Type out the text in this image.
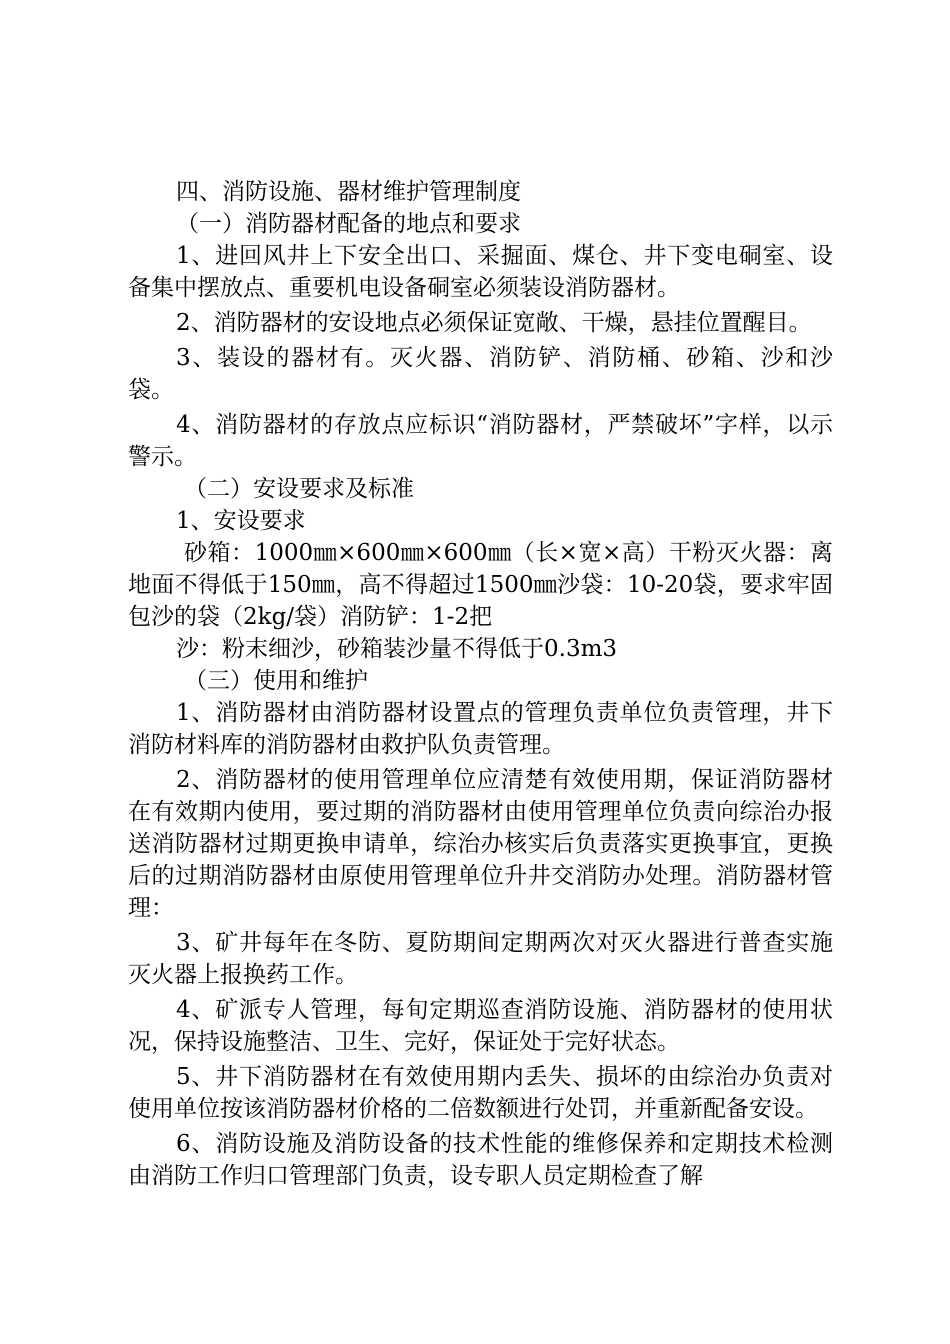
四、消防设施、器材维护管理制度

（一）消防器材配备的地点和要求

1、进回风井上下安全出口、采掘面、煤仓、井下变电硐室、设备集中摆放点、重要机电设备硐室必须装设消防器材。

2、消防器材的安设地点必须保证宽敞、干燥，悬挂位置醒目。

3、装设的器材有。灭火器、消防铲、消防桶、砂箱、沙和沙袋。

4、消防器材的存放点应标识“消防器材，严禁破坏”字样，以示警示。

（二）安设要求及标准

1、安设要求

砂箱：1000㎜×600㎜×600㎜（长×宽×高）干粉灭火器：离地面不得低于150㎜，高不得超过1500㎜沙袋：10-20袋，要求牢固包沙的袋（2kg/袋）消防铲：1-2把

沙：粉末细沙，砂箱装沙量不得低于0.3m3

（三）使用和维护

1、消防器材由消防器材设置点的管理负责单位负责管理，井下消防材料库的消防器材由救护队负责管理。

2、消防器材的使用管理单位应清楚有效使用期，保证消防器材在有效期内使用，要过期的消防器材由使用管理单位负责向综治办报送消防器材过期更换申请单，综治办核实后负责落实更换事宜，更换后的过期消防器材由原使用管理单位升井交消防办处理。消防器材管理：

3、矿井每年在冬防、夏防期间定期两次对灭火器进行普查实施灭火器上报换药工作。

4、矿派专人管理，每旬定期巡查消防设施、消防器材的使用状况，保持设施整洁、卫生、完好，保证处于完好状态。

5、井下消防器材在有效使用期内丢失、损坏的由综治办负责对使用单位按该消防器材价格的二倍数额进行处罚，并重新配备安设。

6、消防设施及消防设备的技术性能的维修保养和定期技术检测由消防工作归口管理部门负责，设专职人员定期检查了解
